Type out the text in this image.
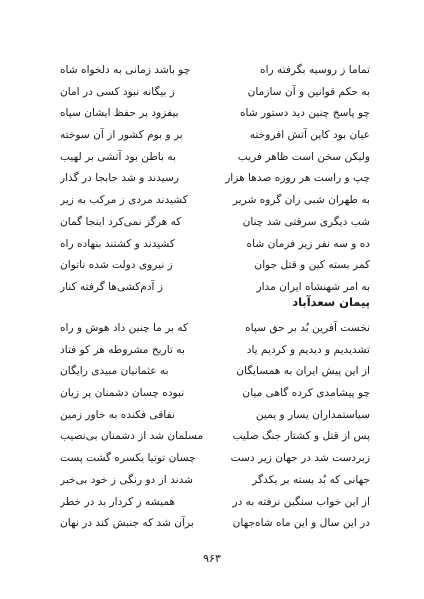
تماما ز روسیه بگرفته راه
چو باشد زمانی به دلخواه شاه
به حکم قوانین و آن سازمان
ز بیگانه نبود کسی در امان
چو پاسخ چنین دید دستور شاه
بیفزود بر حفظ ایشان سپاه
عیان بود کاین آتش افروخته
بر و بوم کشور از آن سوخته
ولیکن سخن است ظاهر فریب
به باطن بود آتشی بر لهیب
چپ و راست هر روزه صدها هزار
رسیدند و شد جابجا در گذار
به طهران شبی زان گروه شریر
کشیدند مردی ز مرکب به زیر
شب دیگری سرقتی شد چنان
که هرگز نمی‌کرد اینجا گمان
ده و سه نفر زیر فرمان شاه
کشیدند و کشتند بنهاده راه
کمر بسته کین و قتل جوان
ز نیروی دولت شده ناتوان
به امر شهنشاه ایران مدار
ز آدم‌کشی‌ها گرفته کنار
پیمان سعدآباد
نخست آفرین بُد بر حق سپاه
که بر ما چنین داد هوش و راه
تشدیدیم و دیدیم و کردیم یاد
به تاریخ مشروطه هر کو فتاد
از این پیش ایران به همسایگان
به عثمانیان مبیدی رایگان
چو پیشامدی کرده گاهی میان
نبوده چسان دشمنان پر زیان
سیاستمداران یسار و یمین
نفاقی فکنده به خاور زمین
پس از قتل و کشتار جنگ صلیب
مسلمان شد از دشمنان بی‌نصیب
زبردست شد در جهان زیر دست
چسان توتیا یکسره گشت پست
جهانی که بُد بسته بر یکدگر
شدند از دو رنگی ز خود بی‌خبر
از این خواب سنگین نرفته به در
همیشه ز کردار بد در خطر
در این سال و این ماه شاه‌جهان
برآن شد که جنبش کند در نهان
۹۶۳
